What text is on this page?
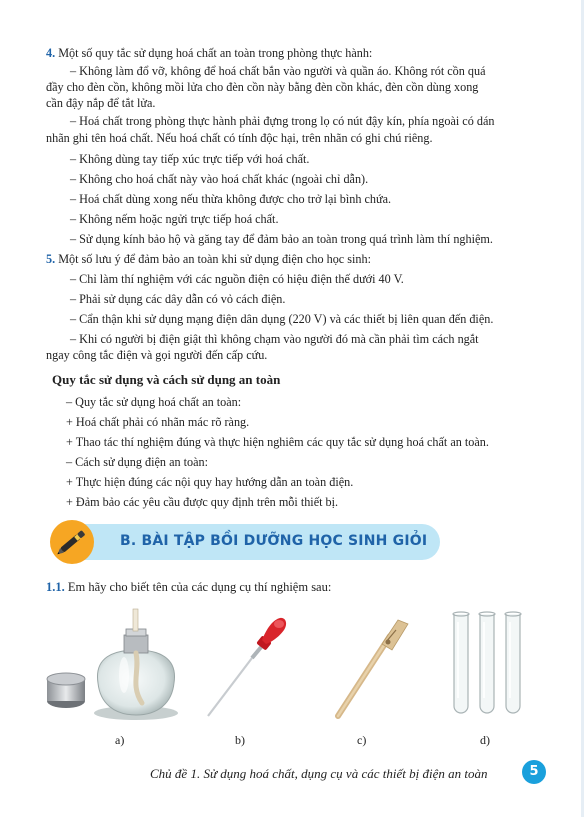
4. Một số quy tắc sử dụng hoá chất an toàn trong phòng thực hành:
– Không làm đổ vỡ, không để hoá chất bắn vào người và quần áo. Không rót cồn quá
đầy cho đèn cồn, không mồi lửa cho đèn cồn này bằng đèn cồn khác, đèn cồn dùng xong
cần đậy nắp để tắt lửa.
– Hoá chất trong phòng thực hành phải đựng trong lọ có nút đậy kín, phía ngoài có dán
nhãn ghi tên hoá chất. Nếu hoá chất có tính độc hại, trên nhãn có ghi chú riêng.
– Không dùng tay tiếp xúc trực tiếp với hoá chất.
– Không cho hoá chất này vào hoá chất khác (ngoài chỉ dẫn).
– Hoá chất dùng xong nếu thừa không được cho trở lại bình chứa.
– Không nếm hoặc ngửi trực tiếp hoá chất.
– Sử dụng kính bảo hộ và găng tay để đảm bảo an toàn trong quá trình làm thí nghiệm.
5. Một số lưu ý để đảm bảo an toàn khi sử dụng điện cho học sinh:
– Chỉ làm thí nghiệm với các nguồn điện có hiệu điện thế dưới 40 V.
– Phải sử dụng các dây dẫn có vỏ cách điện.
– Cẩn thận khi sử dụng mạng điện dân dụng (220 V) và các thiết bị liên quan đến điện.
– Khi có người bị điện giật thì không chạm vào người đó mà cần phải tìm cách ngắt
ngay công tắc điện và gọi người đến cấp cứu.
Quy tắc sử dụng và cách sử dụng an toàn
– Quy tắc sử dụng hoá chất an toàn:
+ Hoá chất phải có nhãn mác rõ ràng.
+ Thao tác thí nghiệm đúng và thực hiện nghiêm các quy tắc sử dụng hoá chất an toàn.
– Cách sử dụng điện an toàn:
+ Thực hiện đúng các nội quy hay hướng dẫn an toàn điện.
+ Đảm bảo các yêu cầu được quy định trên mỗi thiết bị.
B. BÀI TẬP BỒI DƯỠNG HỌC SINH GIỎI
1.1. Em hãy cho biết tên của các dụng cụ thí nghiệm sau:
a)	b)	c)	d)
Chủ đề 1. Sử dụng hoá chất, dụng cụ và các thiết bị điện an toàn	5
